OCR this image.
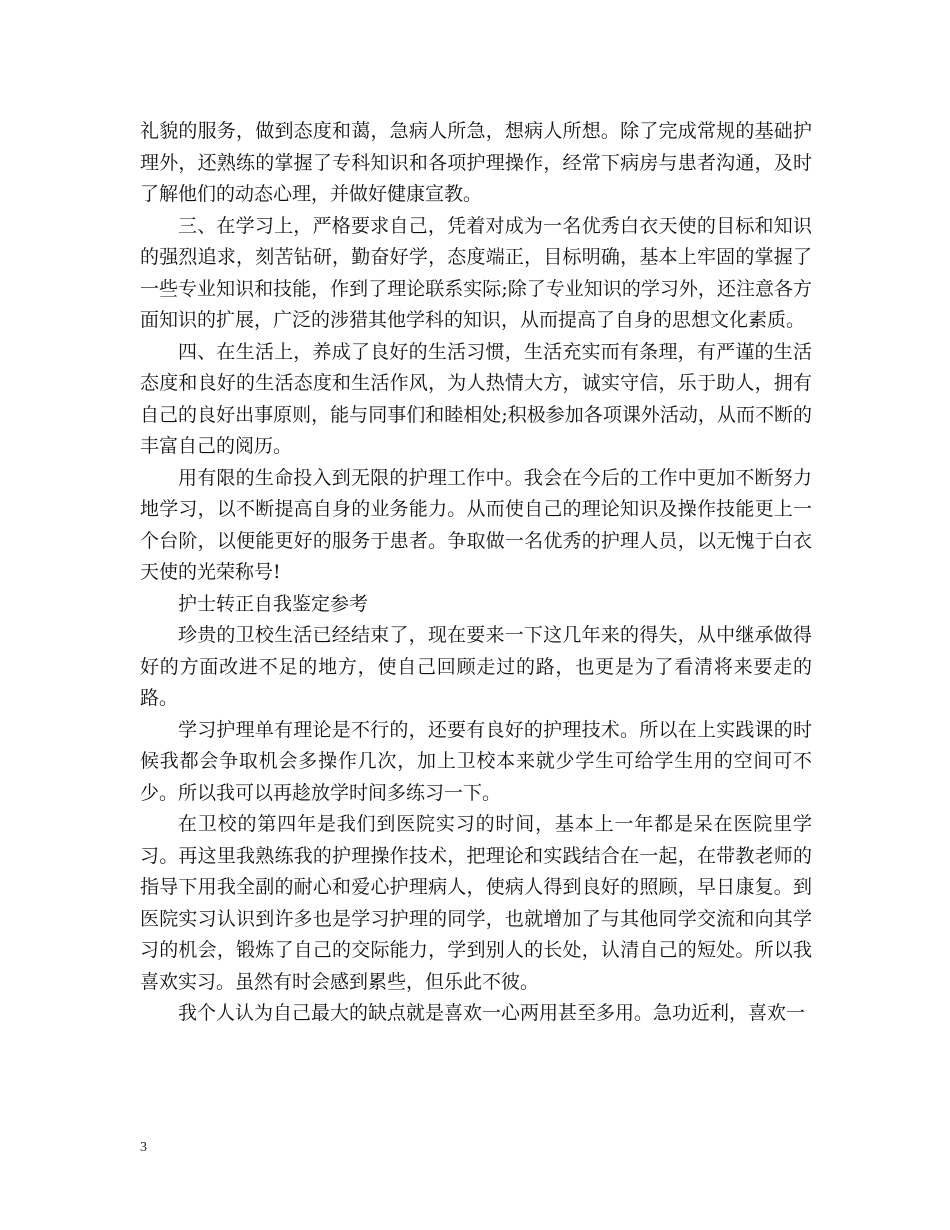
礼貌的服务，做到态度和蔼，急病人所急，想病人所想。除了完成常规的基础护理外，还熟练的掌握了专科知识和各项护理操作，经常下病房与患者沟通，及时了解他们的动态心理，并做好健康宣教。

三、在学习上，严格要求自己，凭着对成为一名优秀白衣天使的目标和知识的强烈追求，刻苦钻研，勤奋好学，态度端正，目标明确，基本上牢固的掌握了一些专业知识和技能，作到了理论联系实际;除了专业知识的学习外，还注意各方面知识的扩展，广泛的涉猎其他学科的知识，从而提高了自身的思想文化素质。

四、在生活上，养成了良好的生活习惯，生活充实而有条理，有严谨的生活态度和良好的生活态度和生活作风，为人热情大方，诚实守信，乐于助人，拥有自己的良好出事原则，能与同事们和睦相处;积极参加各项课外活动，从而不断的丰富自己的阅历。

用有限的生命投入到无限的护理工作中。我会在今后的工作中更加不断努力地学习，以不断提高自身的业务能力。从而使自己的理论知识及操作技能更上一个台阶，以便能更好的服务于患者。争取做一名优秀的护理人员，以无愧于白衣天使的光荣称号!

护士转正自我鉴定参考

珍贵的卫校生活已经结束了，现在要来一下这几年来的得失，从中继承做得好的方面改进不足的地方，使自己回顾走过的路，也更是为了看清将来要走的路。

学习护理单有理论是不行的，还要有良好的护理技术。所以在上实践课的时候我都会争取机会多操作几次，加上卫校本来就少学生可给学生用的空间可不少。所以我可以再趁放学时间多练习一下。

在卫校的第四年是我们到医院实习的时间，基本上一年都是呆在医院里学习。再这里我熟练我的护理操作技术，把理论和实践结合在一起，在带教老师的指导下用我全副的耐心和爱心护理病人，使病人得到良好的照顾，早日康复。到医院实习认识到许多也是学习护理的同学，也就增加了与其他同学交流和向其学习的机会，锻炼了自己的交际能力，学到别人的长处，认清自己的短处。所以我喜欢实习。虽然有时会感到累些，但乐此不彼。

我个人认为自己最大的缺点就是喜欢一心两用甚至多用。急功近利，喜欢一

3
